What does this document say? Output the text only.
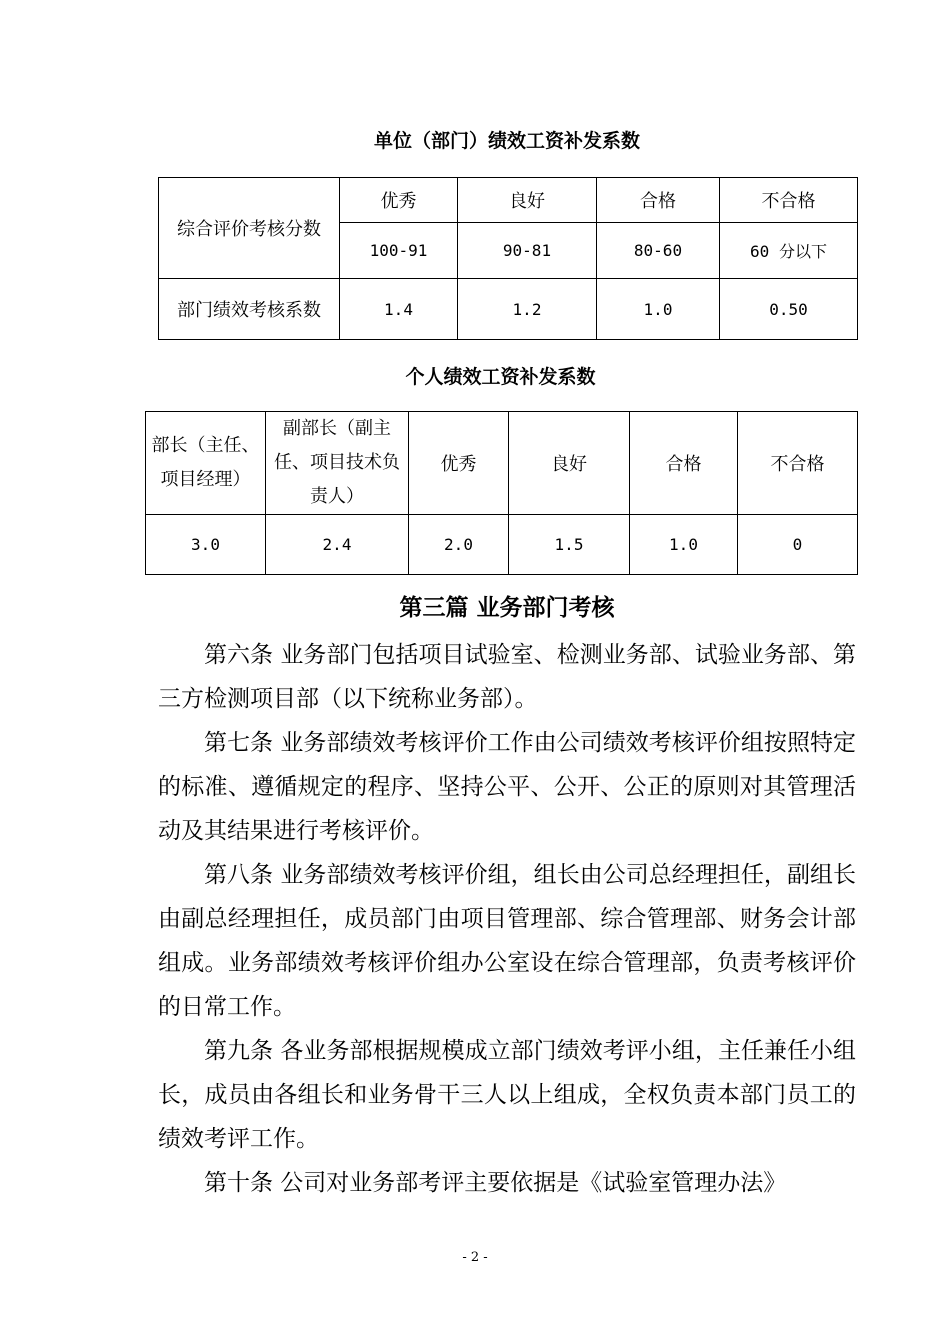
单位（部门）绩效工资补发系数
综合评价考核分数	优秀	良好	合格	不合格
	100-91	90-81	80-60	60 分以下
部门绩效考核系数	1.4	1.2	1.0	0.50
个人绩效工资补发系数
部长（主任、项目经理）	副部长（副主任、项目技术负责人）	优秀	良好	合格	不合格
3.0	2.4	2.0	1.5	1.0	0
第三篇 业务部门考核

第六条 业务部门包括项目试验室、检测业务部、试验业务部、第三方检测项目部（以下统称业务部）。

第七条 业务部绩效考核评价工作由公司绩效考核评价组按照特定的标准、遵循规定的程序、坚持公平、公开、公正的原则对其管理活动及其结果进行考核评价。

第八条 业务部绩效考核评价组，组长由公司总经理担任，副组长由副总经理担任，成员部门由项目管理部、综合管理部、财务会计部组成。业务部绩效考核评价组办公室设在综合管理部，负责考核评价的日常工作。

第九条 各业务部根据规模成立部门绩效考评小组，主任兼任小组长，成员由各组长和业务骨干三人以上组成，全权负责本部门员工的绩效考评工作。

第十条 公司对业务部考评主要依据是《试验室管理办法》

- 2 -
